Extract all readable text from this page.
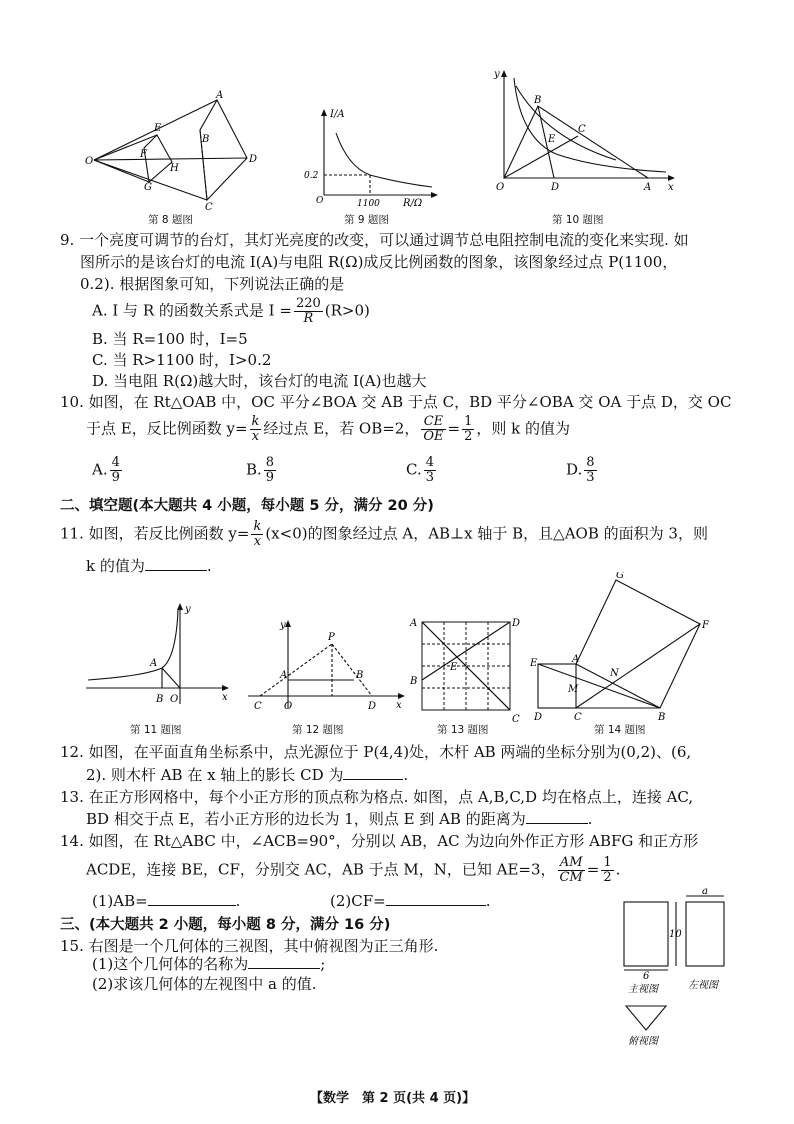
O
A
B
D
C
E
F
H
G
第 8 题图
I/A
R/Ω
0.2
1100
O
第 9 题图
y
x
O
B
E
C
D	A
第 10 题图
9. 一个亮度可调节的台灯，其灯光亮度的改变，可以通过调节总电阻控制电流的变化来实现. 如
图所示的是该台灯的电流 I(A)与电阻 R(Ω)成反比例函数的图象，该图象经过点 P(1100，
0.2). 根据图象可知，下列说法正确的是
A. I 与 R 的函数关系式是 $I = \frac{220}{R} (R>0)$
B. 当 R=100 时，I=5
C. 当 R>1100 时，I>0.2
D. 当电阻 R(Ω)越大时，该台灯的电流 I(A)也越大
10. 如图，在 Rt△OAB 中，OC 平分∠BOA 交 AB 于点 C，BD 平分∠OBA 交 OA 于点 D，交 OC
于点 E，反比例函数 $y= \frac{k}{x}$ 经过点 E，若 OB=2， $\frac{CE}{OE} = \frac{1}{2}$ ，则 k 的值为
A. $\frac{4}{9}$	B. $\frac{8}{9}$	C. $\frac{4}{3}$	D. $\frac{8}{3}$
二、填空题(本大题共 4 小题，每小题 5 分，满分 20 分)
11. 如图，若反比例函数 $y= \frac{k}{x} (x<0)$的图象经过点 A，AB⊥x 轴于 B，且△AOB 的面积为 3，则
k 的值为	.
y
x
A
B O
第 11 题图
y
x
P
A	B
C O	D
第 12 题图
A	D
E
B
C
第 13 题图
G
F
E	A
N
M
D	C	B
第 14 题图
12. 如图，在平面直角坐标系中，点光源位于 P(4,4)处，木杆 AB 两端的坐标分别为(0,2)、(6,
2). 则木杆 AB 在 x 轴上的影长 CD 为	.
13. 在正方形网格中，每个小正方形的顶点称为格点. 如图，点 A,B,C,D 均在格点上，连接 AC,
BD 相交于点 E，若小正方形的边长为 1，则点 E 到 AB 的距离为	.
14. 如图，在 Rt△ABC 中，∠ACB=90°，分别以 AB，AC 为边向外作正方形 ABFG 和正方形
ACDE，连接 BE，CF，分别交 AC，AB 于点 M，N，已知 AE=3， $\frac{AM}{CM} = \frac{1}{2}$ .
(1)AB=	.	(2)CF=	.
三、(本大题共 2 小题，每小题 8 分，满分 16 分)
15. 右图是一个几何体的三视图，其中俯视图为正三角形.
(1)这个几何体的名称为	;
(2)求该几何体的左视图中 a 的值.
a
10
6
主视图	左视图
俯视图
【数学　第 2 页(共 4 页)】
